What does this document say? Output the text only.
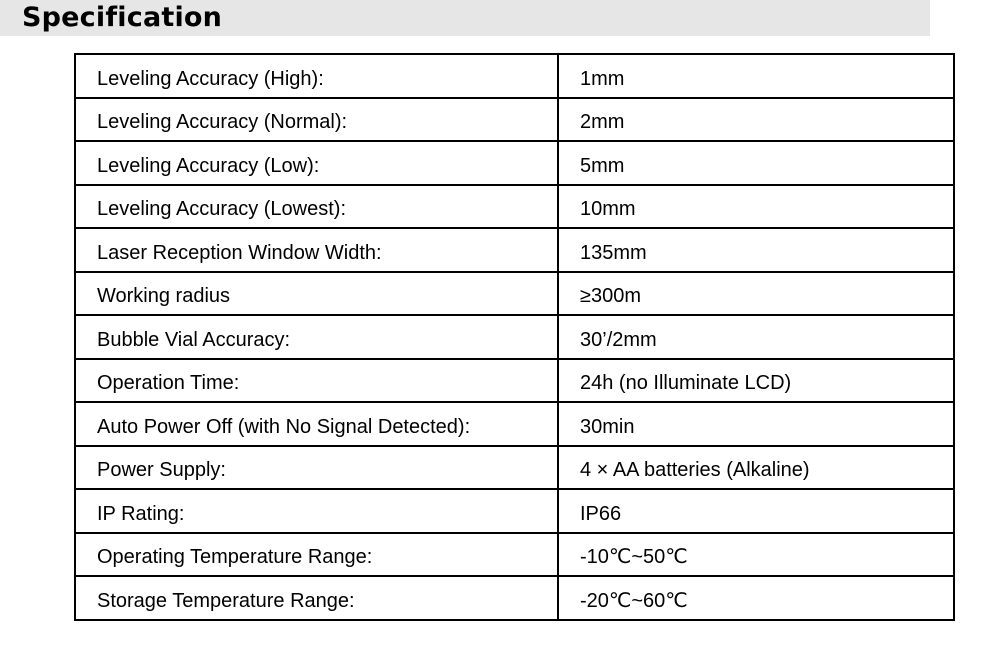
Specification
Leveling Accuracy (High):	1mm
Leveling Accuracy (Normal):	2mm
Leveling Accuracy (Low):	5mm
Leveling Accuracy (Lowest):	10mm
Laser Reception Window Width:	135mm
Working radius	≥300m
Bubble Vial Accuracy:	30’/2mm
Operation Time:	24h (no Illuminate LCD)
Auto Power Off (with No Signal Detected):	30min
Power Supply:	4 × AA batteries (Alkaline)
IP Rating:	IP66
Operating Temperature Range:	-10℃~50℃
Storage Temperature Range:	-20℃~60℃
